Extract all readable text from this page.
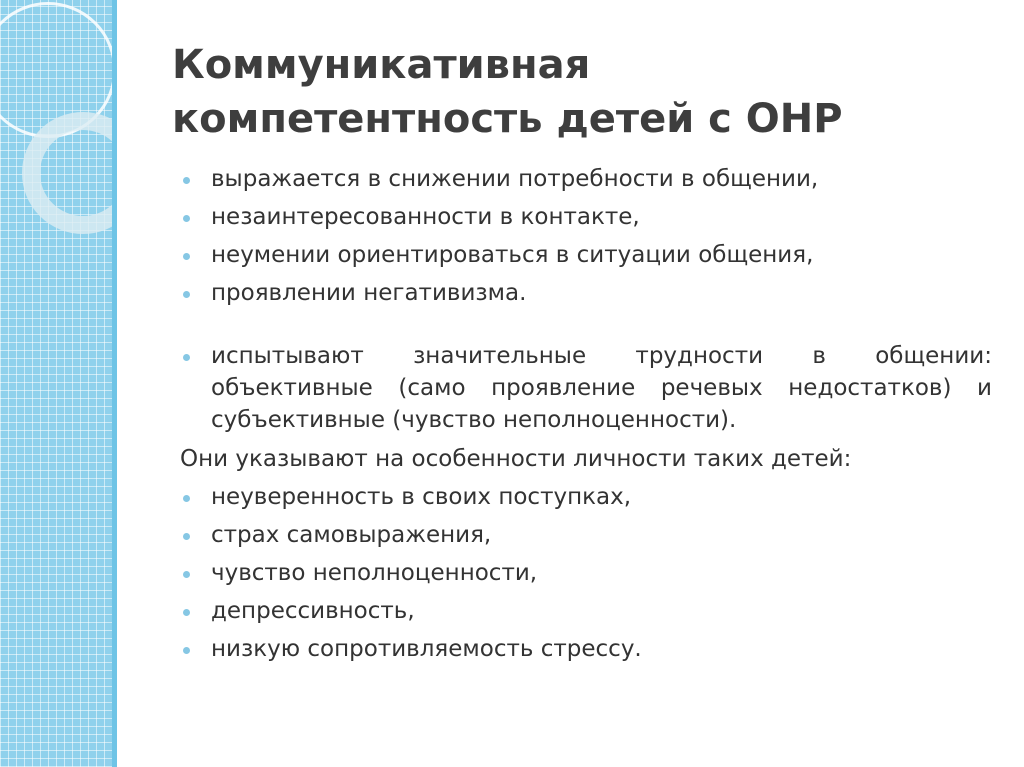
Коммуникативная
компетентность детей с ОНР
выражается в снижении потребности в общении,
незаинтересованности в контакте,
неумении ориентироваться в ситуации общения,
проявлении негативизма.
испытывают значительные трудности в общении: объективные (само проявление речевых недостатков) и субъективные (чувство неполноценности).

Они указывают на особенности личности таких детей:

неуверенность в своих поступках,
страх самовыражения,
чувство неполноценности,
депрессивность,
низкую сопротивляемость стрессу.
